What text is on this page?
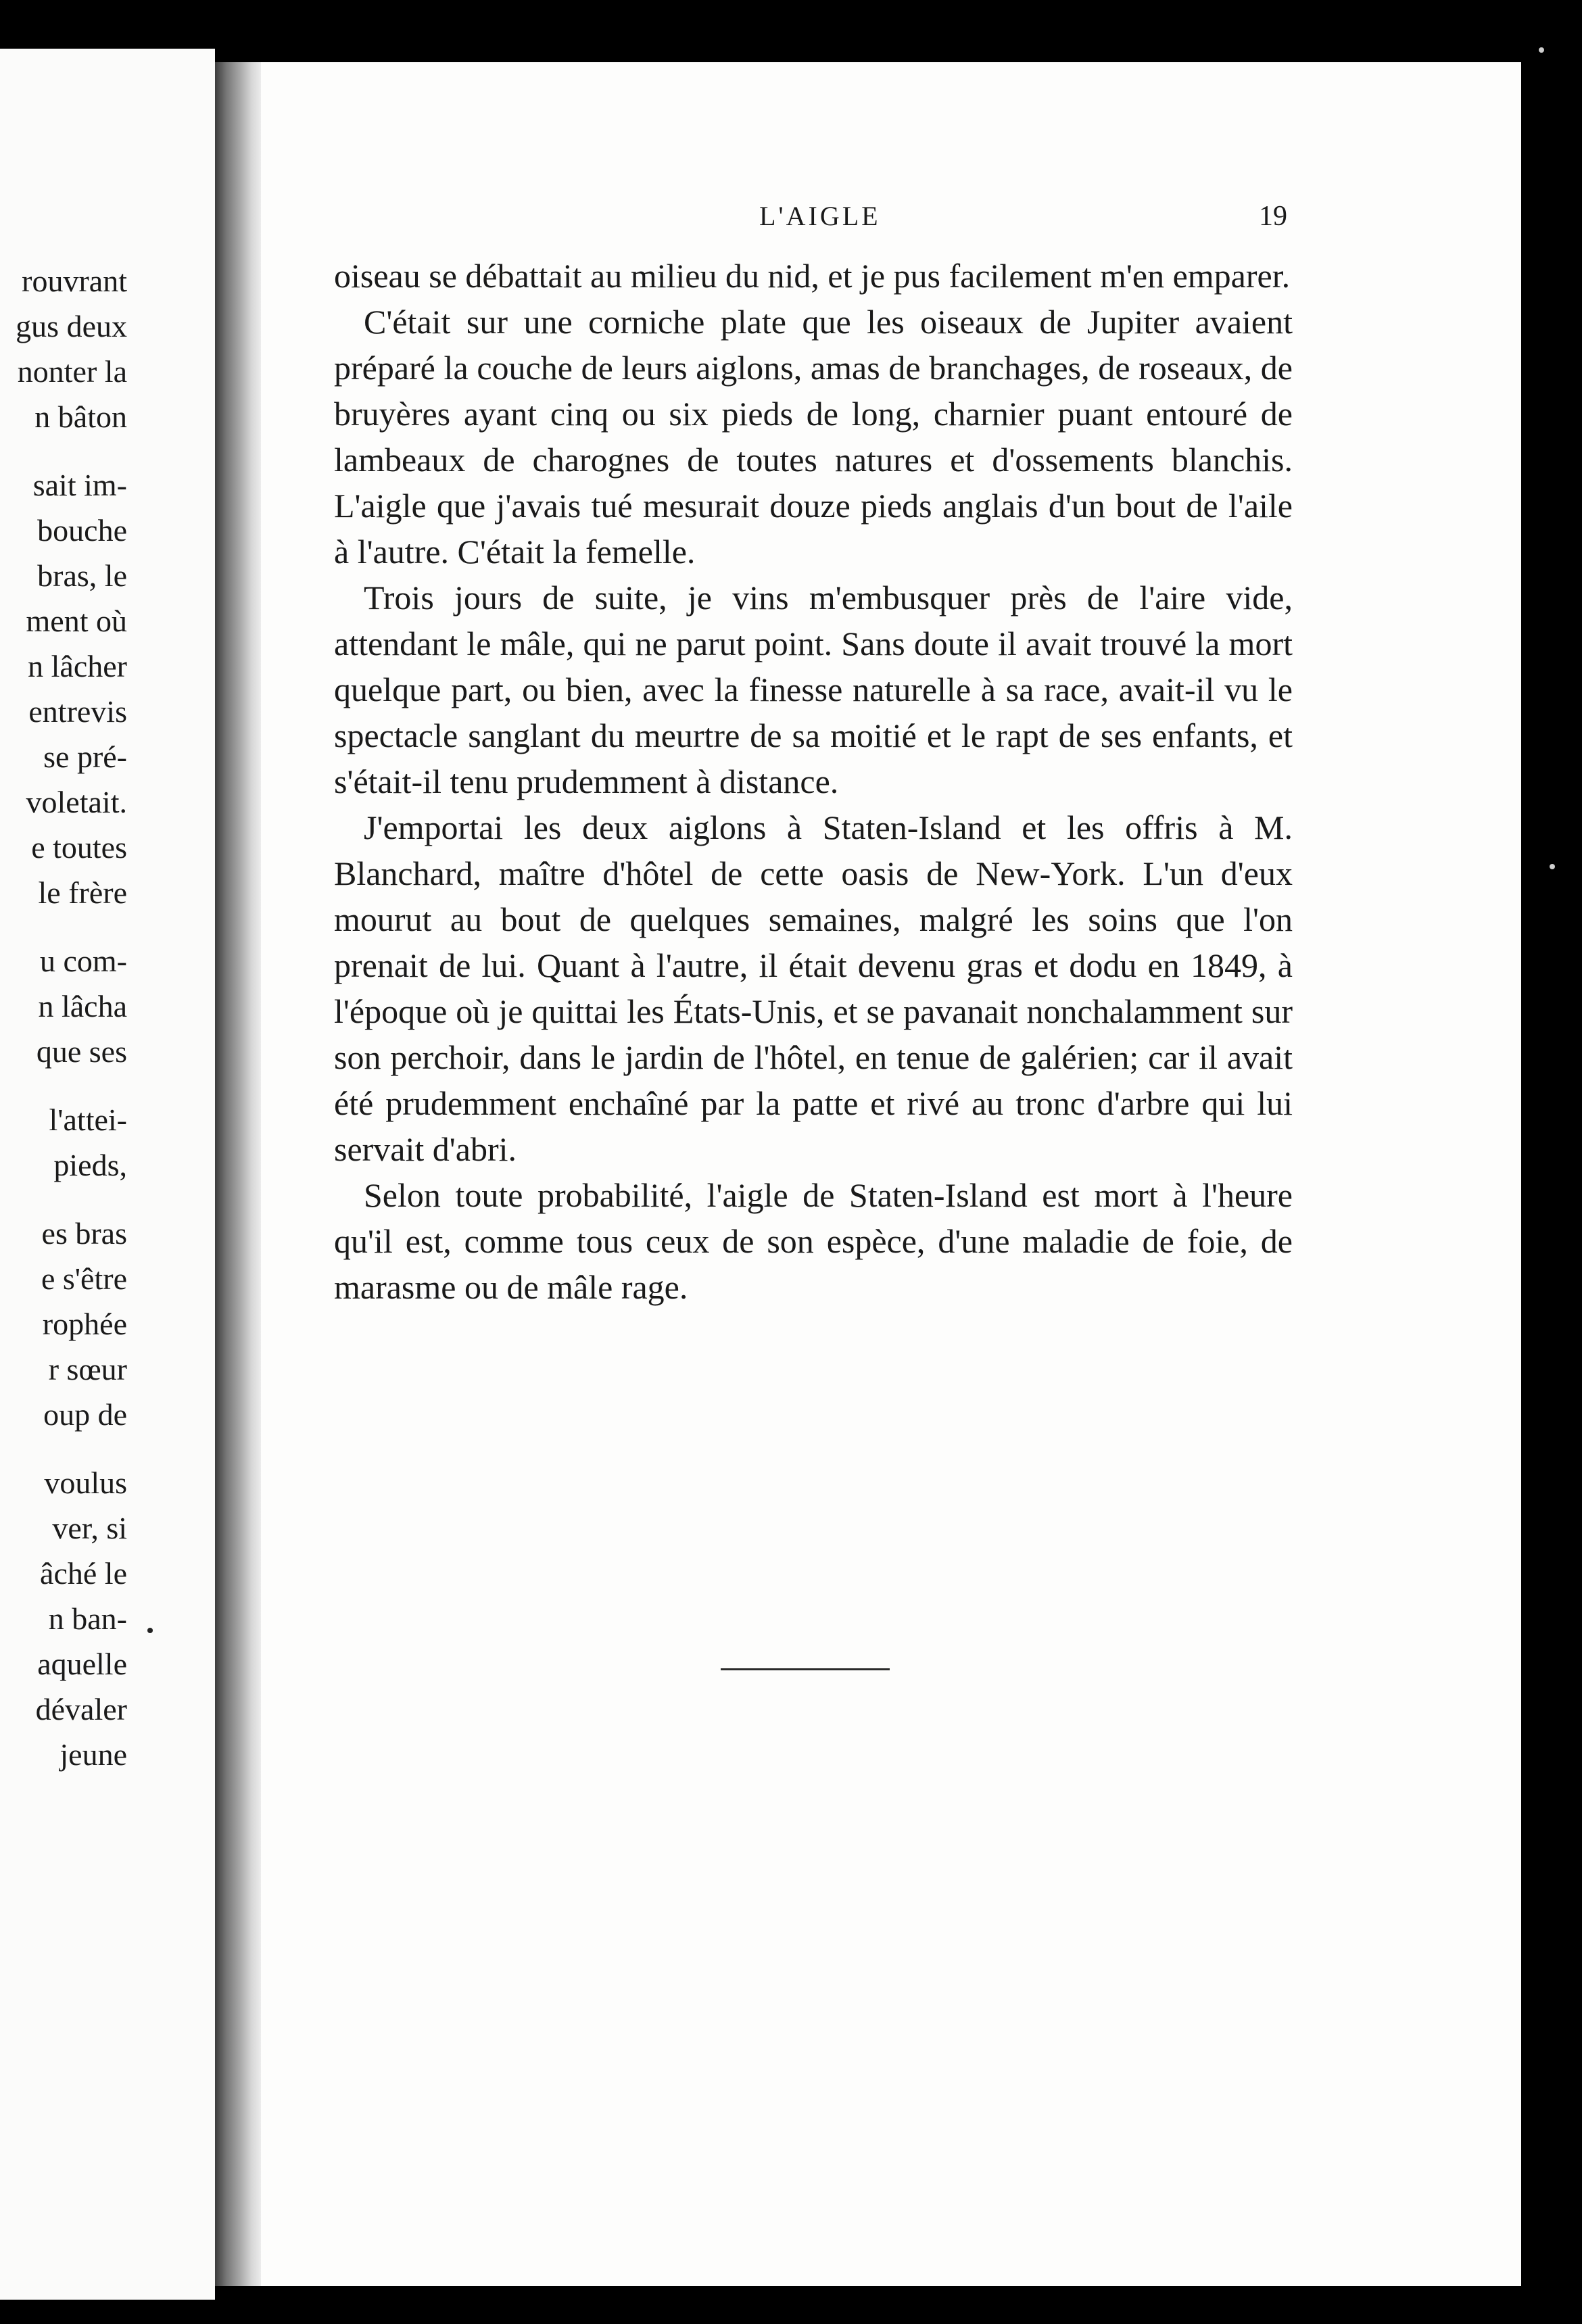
rouvrant
gus deux
nonter la
n bâton
sait im-
bouche
bras, le
ment où
n lâcher
entrevis
se pré-
voletait.
e toutes
le frère
u com-
n lâcha
que ses
l'attei-
pieds,
es bras
e s'être
rophée
r sœur
oup de
voulus
ver, si
âché le
n ban-
aquelle
dévaler
jeune
L'AIGLE	19

oiseau se débattait au milieu du nid, et je pus facilement m'en emparer.

C'était sur une corniche plate que les oiseaux de Jupiter avaient préparé la couche de leurs aiglons, amas de branchages, de roseaux, de bruyères ayant cinq ou six pieds de long, charnier puant entouré de lambeaux de charognes de toutes natures et d'ossements blanchis. L'aigle que j'avais tué mesurait douze pieds anglais d'un bout de l'aile à l'autre. C'était la femelle.

Trois jours de suite, je vins m'embusquer près de l'aire vide, attendant le mâle, qui ne parut point. Sans doute il avait trouvé la mort quelque part, ou bien, avec la finesse naturelle à sa race, avait-il vu le spectacle sanglant du meurtre de sa moitié et le rapt de ses enfants, et s'était-il tenu prudemment à distance.

J'emportai les deux aiglons à Staten-Island et les offris à M. Blanchard, maître d'hôtel de cette oasis de New-York. L'un d'eux mourut au bout de quelques semaines, malgré les soins que l'on prenait de lui. Quant à l'autre, il était devenu gras et dodu en 1849, à l'époque où je quittai les États-Unis, et se pavanait nonchalamment sur son perchoir, dans le jardin de l'hôtel, en tenue de galérien; car il avait été prudemment enchaîné par la patte et rivé au tronc d'arbre qui lui servait d'abri.

Selon toute probabilité, l'aigle de Staten-Island est mort à l'heure qu'il est, comme tous ceux de son espèce, d'une maladie de foie, de marasme ou de mâle rage.
